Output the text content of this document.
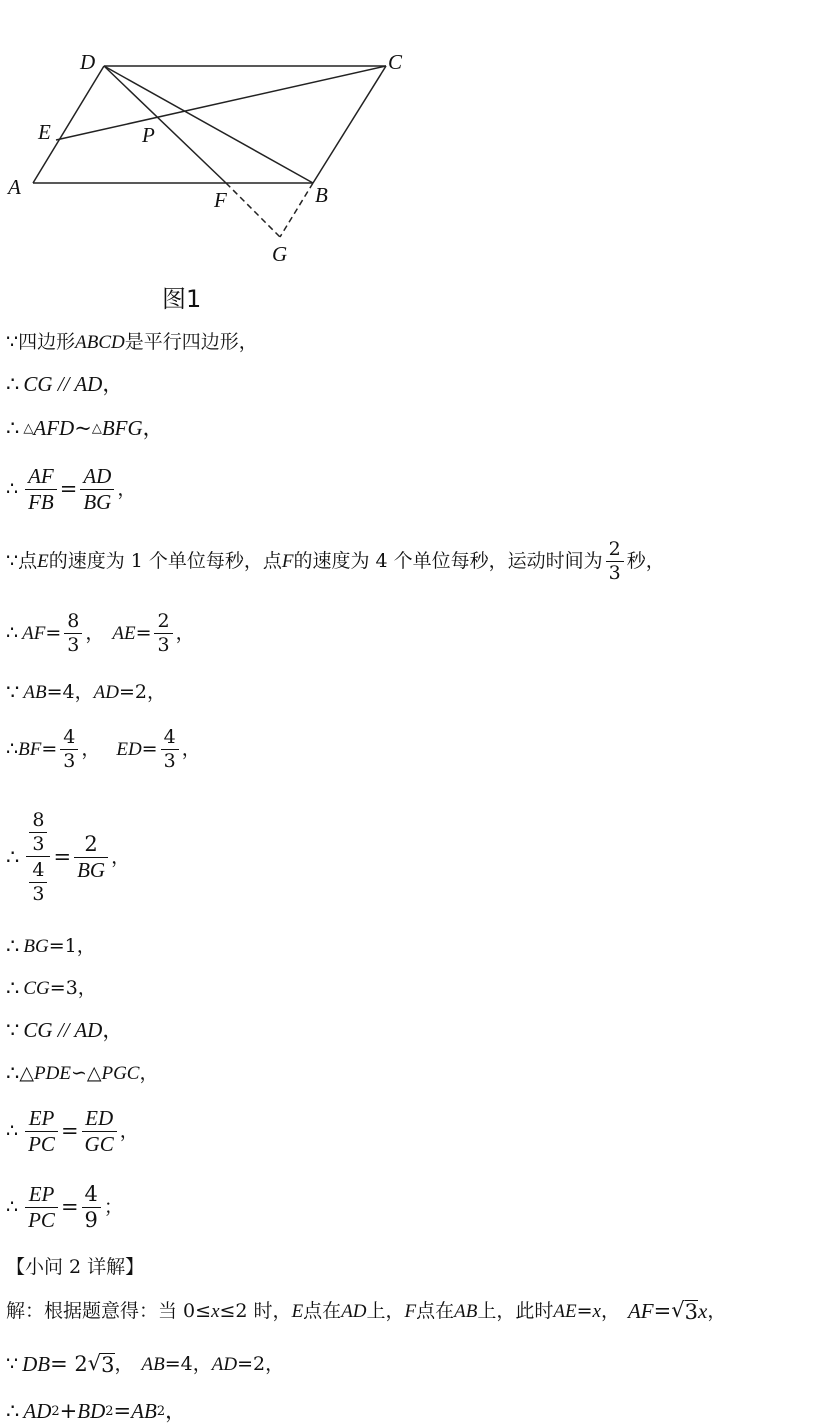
D	C
E	P
A
F	B
G
图1
∵ 四边形 ABCD 是平行四边形，
∴ CG // AD ，
∴ △ AFD ~ △ BFG ，
∴ $\frac{AF}{FB} = \frac{AD}{BG}$ ，
∵ 点 E 的速度为 1 个单位每秒，点 F 的速度为 4 个单位每秒，运动时间为 $\frac{2}{3}$ 秒，
∴ AF = $\frac{8}{3}$ ， AE = $\frac{2}{3}$ ，
∵ AB =4， AD =2，
∴ BF = $\frac{4}{3}$ ， ED = $\frac{4}{3}$ ，
∴ $\frac{\frac{8}{3}}{\frac{4}{3}} = \frac{2}{BG}$ ，
∴ BG =1，
∴ CG =3，
∵ CG // AD ，
∴ △ PDE ∽ △ PGC ，
∴ $\frac{EP}{PC} = \frac{ED}{GC}$ ，
∴ $\frac{EP}{PC} = \frac{4}{9}$ ；
【小问 2 详解】
解：根据题意得：当 0≤ x ≤2 时， E 点在 AD 上， F 点在 AB 上，此时 AE = x ， AF = √ 3 x ，
∵ DB = 2 √ 3 ， AB =4， AD =2，
∴ AD 2 + BD 2 = AB 2 ，
